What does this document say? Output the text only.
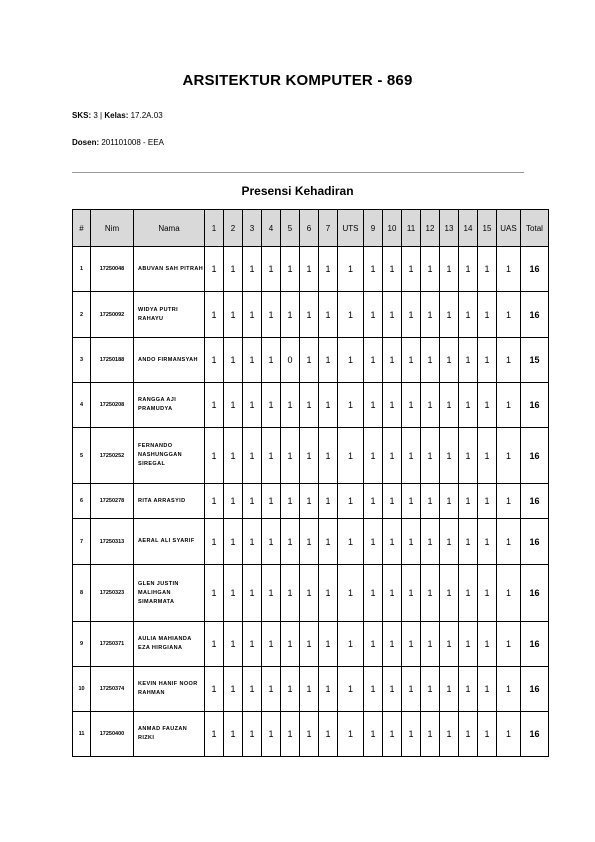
ARSITEKTUR KOMPUTER - 869
SKS: 3 | Kelas: 17.2A.03
Dosen: 201101008 - EEA
Presensi Kehadiran
#	Nim	Nama	1	2	3	4	5	6	7	UTS	9	10	11	12	13	14	15	UAS	Total
1	17250048	ABUVAN SAH PITRAH	1	1	1	1	1	1	1	1	1	1	1	1	1	1	1	1	16
2	17250092	WIDYA PUTRI RAHAYU	1	1	1	1	1	1	1	1	1	1	1	1	1	1	1	1	16
3	17250188	ANDO FIRMANSYAH	1	1	1	1	0	1	1	1	1	1	1	1	1	1	1	1	15
4	17250208	RANGGA AJI PRAMUDYA	1	1	1	1	1	1	1	1	1	1	1	1	1	1	1	1	16
5	17250252	FERNANDO NASHUNGGAN SIREGAL	1	1	1	1	1	1	1	1	1	1	1	1	1	1	1	1	16
6	17250278	RITA ARRASYID	1	1	1	1	1	1	1	1	1	1	1	1	1	1	1	1	16
7	17250313	AERAL ALI SYARIF	1	1	1	1	1	1	1	1	1	1	1	1	1	1	1	1	16
8	17250323	GLEN JUSTIN MALIHGAN SIMARMATA	1	1	1	1	1	1	1	1	1	1	1	1	1	1	1	1	16
9	17250371	AULIA MAHIANDA EZA HIRGIANA	1	1	1	1	1	1	1	1	1	1	1	1	1	1	1	1	16
10	17250374	KEVIN HANIF NOOR RAHMAN	1	1	1	1	1	1	1	1	1	1	1	1	1	1	1	1	16
11	17250400	ANMAD FAUZAN RIZKI	1	1	1	1	1	1	1	1	1	1	1	1	1	1	1	1	16
